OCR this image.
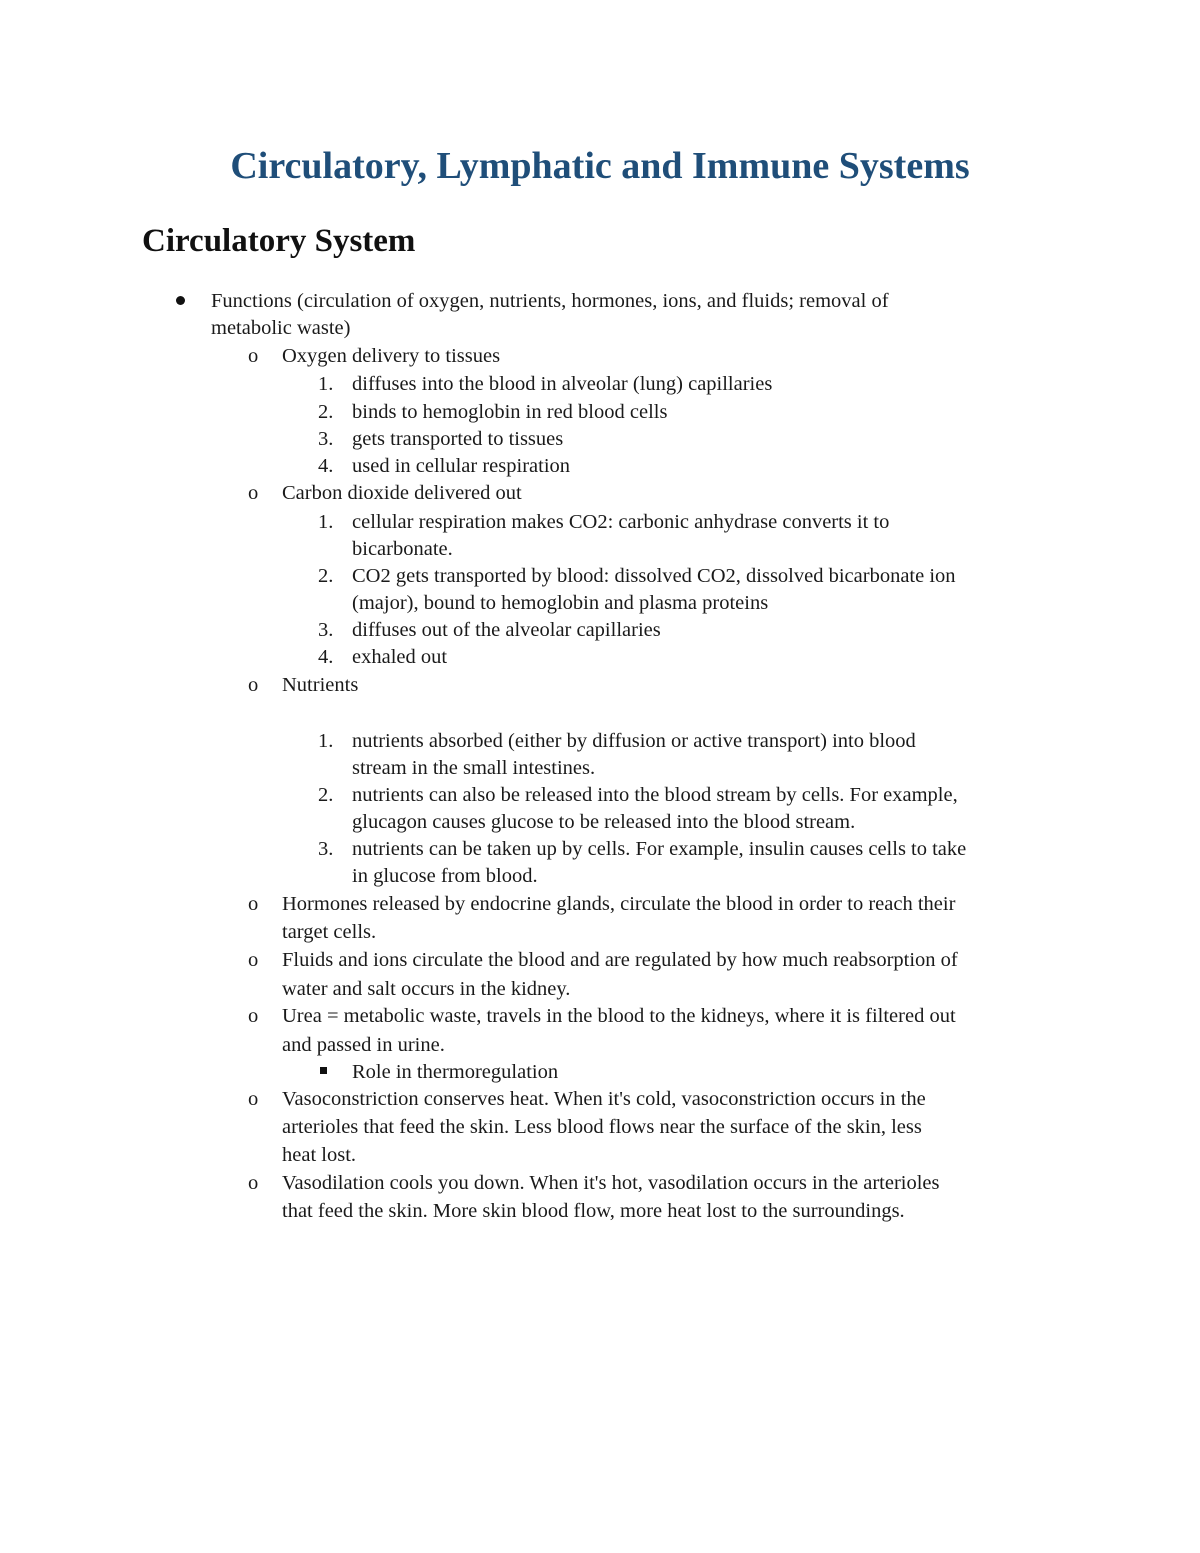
Circulatory, Lymphatic and Immune Systems
Circulatory System
Functions (circulation of oxygen, nutrients, hormones, ions, and fluids; removal of
metabolic waste)
o Oxygen delivery to tissues
1. diffuses into the blood in alveolar (lung) capillaries
2. binds to hemoglobin in red blood cells
3. gets transported to tissues
4. used in cellular respiration
o Carbon dioxide delivered out
1. cellular respiration makes CO2: carbonic anhydrase converts it to
bicarbonate.
2. CO2 gets transported by blood: dissolved CO2, dissolved bicarbonate ion
(major), bound to hemoglobin and plasma proteins
3. diffuses out of the alveolar capillaries
4. exhaled out
o Nutrients
1. nutrients absorbed (either by diffusion or active transport) into blood
stream in the small intestines.
2. nutrients can also be released into the blood stream by cells. For example,
glucagon causes glucose to be released into the blood stream.
3. nutrients can be taken up by cells. For example, insulin causes cells to take
in glucose from blood.
o Hormones released by endocrine glands, circulate the blood in order to reach their
target cells.
o Fluids and ions circulate the blood and are regulated by how much reabsorption of
water and salt occurs in the kidney.
o Urea = metabolic waste, travels in the blood to the kidneys, where it is filtered out
and passed in urine.
Role in thermoregulation
o Vasoconstriction conserves heat. When it's cold, vasoconstriction occurs in the
arterioles that feed the skin. Less blood flows near the surface of the skin, less
heat lost.
o Vasodilation cools you down. When it's hot, vasodilation occurs in the arterioles
that feed the skin. More skin blood flow, more heat lost to the surroundings.
